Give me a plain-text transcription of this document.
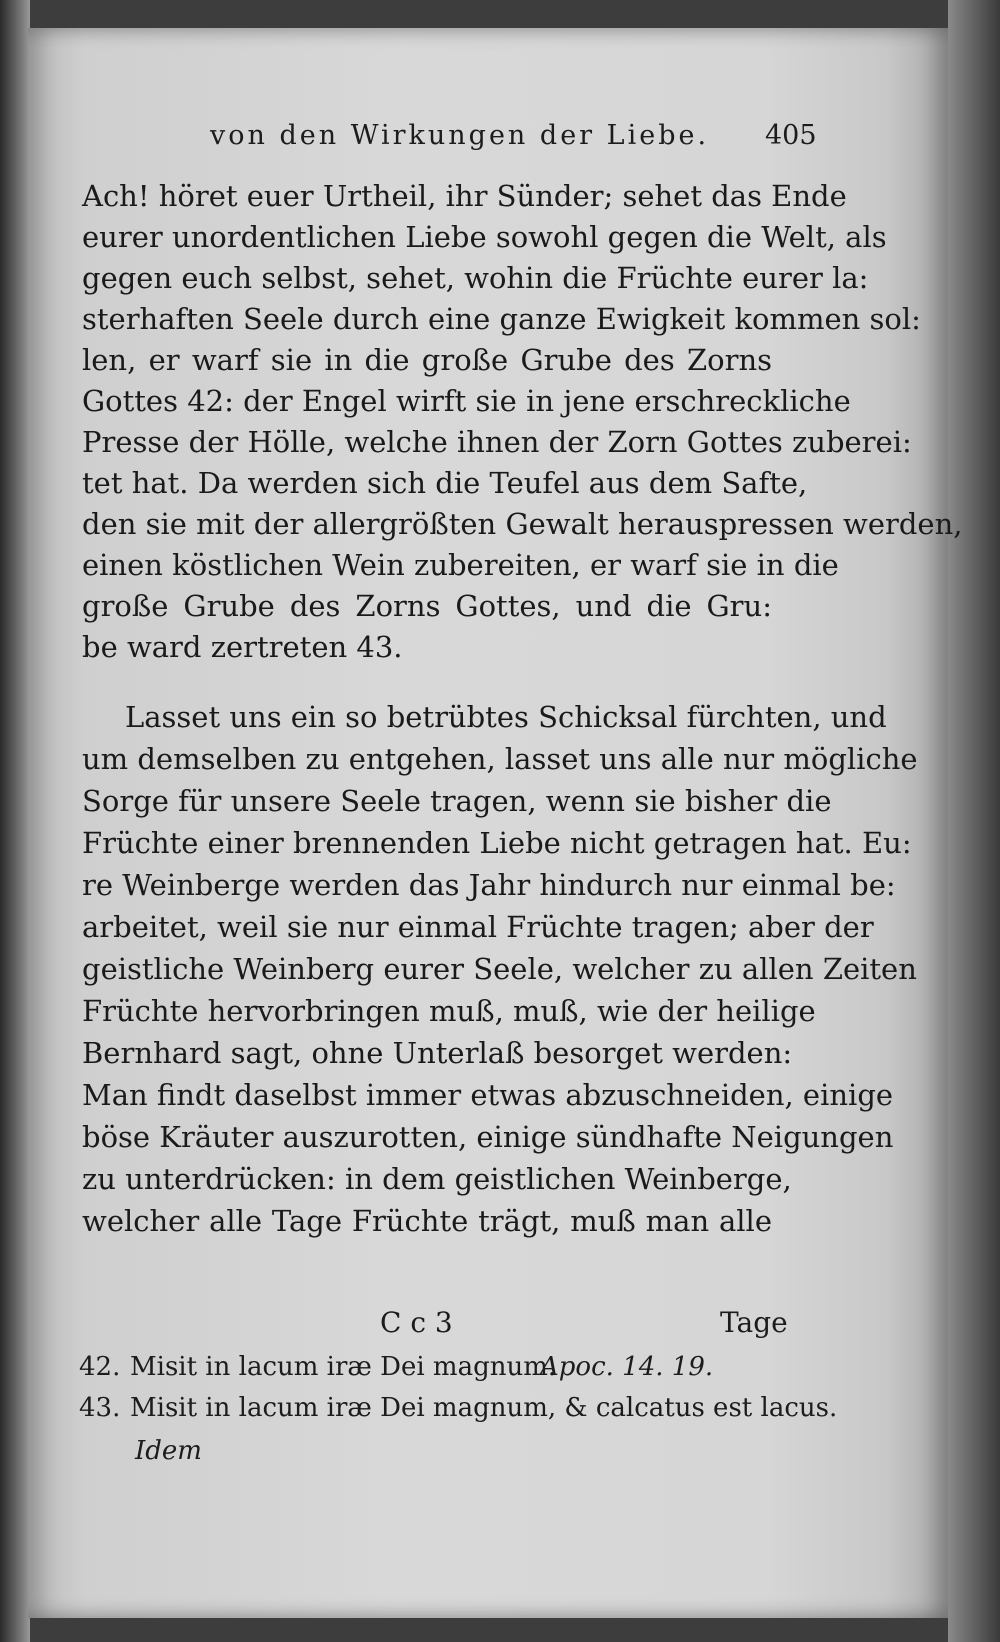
von den Wirkungen der Liebe. 405
Ach! höret euer Urtheil, ihr Sünder; sehet das Ende
eurer unordentlichen Liebe sowohl gegen die Welt, als
gegen euch selbst, sehet, wohin die Früchte eurer la:
sterhaften Seele durch eine ganze Ewigkeit kommen sol:
len, er warf sie in die große Grube des Zorns
Gottes 42: der Engel wirft sie in jene erschreckliche
Presse der Hölle, welche ihnen der Zorn Gottes zuberei:
tet hat. Da werden sich die Teufel aus dem Safte,
den sie mit der allergrößten Gewalt herauspressen werden,
einen köstlichen Wein zubereiten, er warf sie in die
große Grube des Zorns Gottes, und die Gru:
be ward zertreten 43.
Lasset uns ein so betrübtes Schicksal fürchten, und
um demselben zu entgehen, lasset uns alle nur mögliche
Sorge für unsere Seele tragen, wenn sie bisher die
Früchte einer brennenden Liebe nicht getragen hat. Eu:
re Weinberge werden das Jahr hindurch nur einmal be:
arbeitet, weil sie nur einmal Früchte tragen; aber der
geistliche Weinberg eurer Seele, welcher zu allen Zeiten
Früchte hervorbringen muß, muß, wie der heilige
Bernhard sagt, ohne Unterlaß besorget werden:
Man findt daselbst immer etwas abzuschneiden, einige
böse Kräuter auszurotten, einige sündhafte Neigungen
zu unterdrücken: in dem geistlichen Weinberge,
welcher alle Tage Früchte trägt, muß man alle
C c 3	Tage
42. Misit in lacum iræ Dei magnum.
Apoc. 14. 19.
43. Misit in lacum iræ Dei magnum, & calcatus est lacus.
Idem
